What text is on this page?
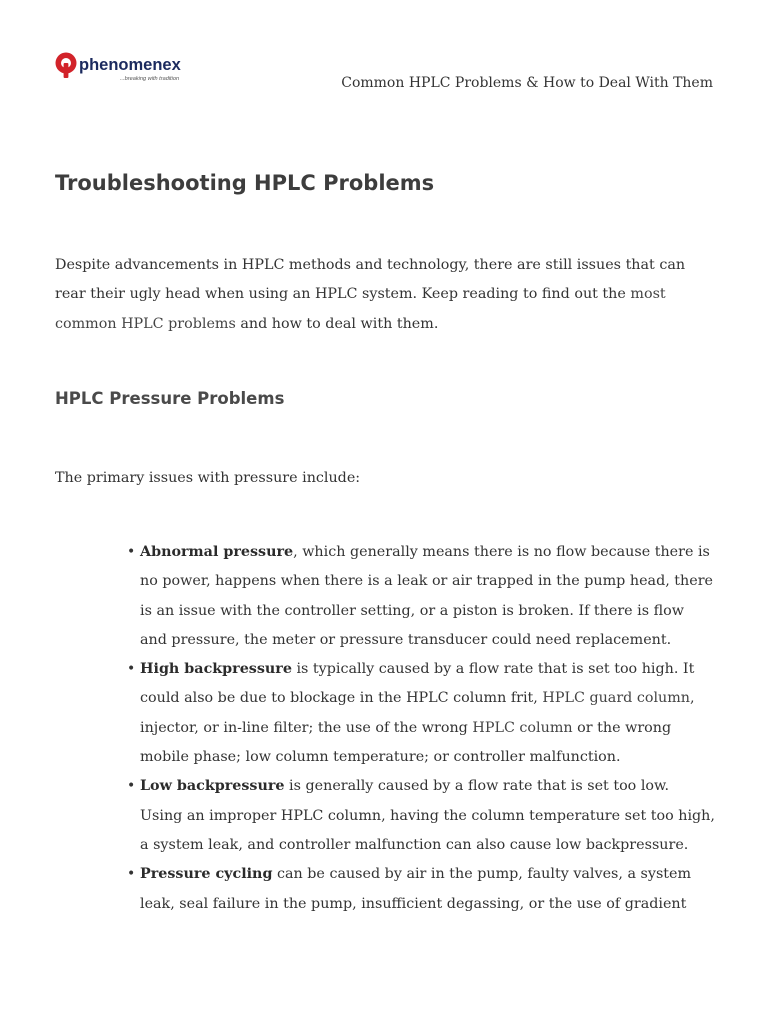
phenomenex
...breaking with tradition	Common HPLC Problems & How to Deal With Them
Troubleshooting HPLC Problems

Despite advancements in HPLC methods and technology, there are still issues that can rear their ugly head when using an HPLC system. Keep reading to find out the most common HPLC problems and how to deal with them.

HPLC Pressure Problems

The primary issues with pressure include:

• Abnormal pressure, which generally means there is no flow because there is no power, happens when there is a leak or air trapped in the pump head, there is an issue with the controller setting, or a piston is broken. If there is flow and pressure, the meter or pressure transducer could need replacement.
• High backpressure is typically caused by a flow rate that is set too high. It could also be due to blockage in the HPLC column frit, HPLC guard column, injector, or in-line filter; the use of the wrong HPLC column or the wrong mobile phase; low column temperature; or controller malfunction.
• Low backpressure is generally caused by a flow rate that is set too low. Using an improper HPLC column, having the column temperature set too high, a system leak, and controller malfunction can also cause low backpressure.
• Pressure cycling can be caused by air in the pump, faulty valves, a system leak, seal failure in the pump, insufficient degassing, or the use of gradient
